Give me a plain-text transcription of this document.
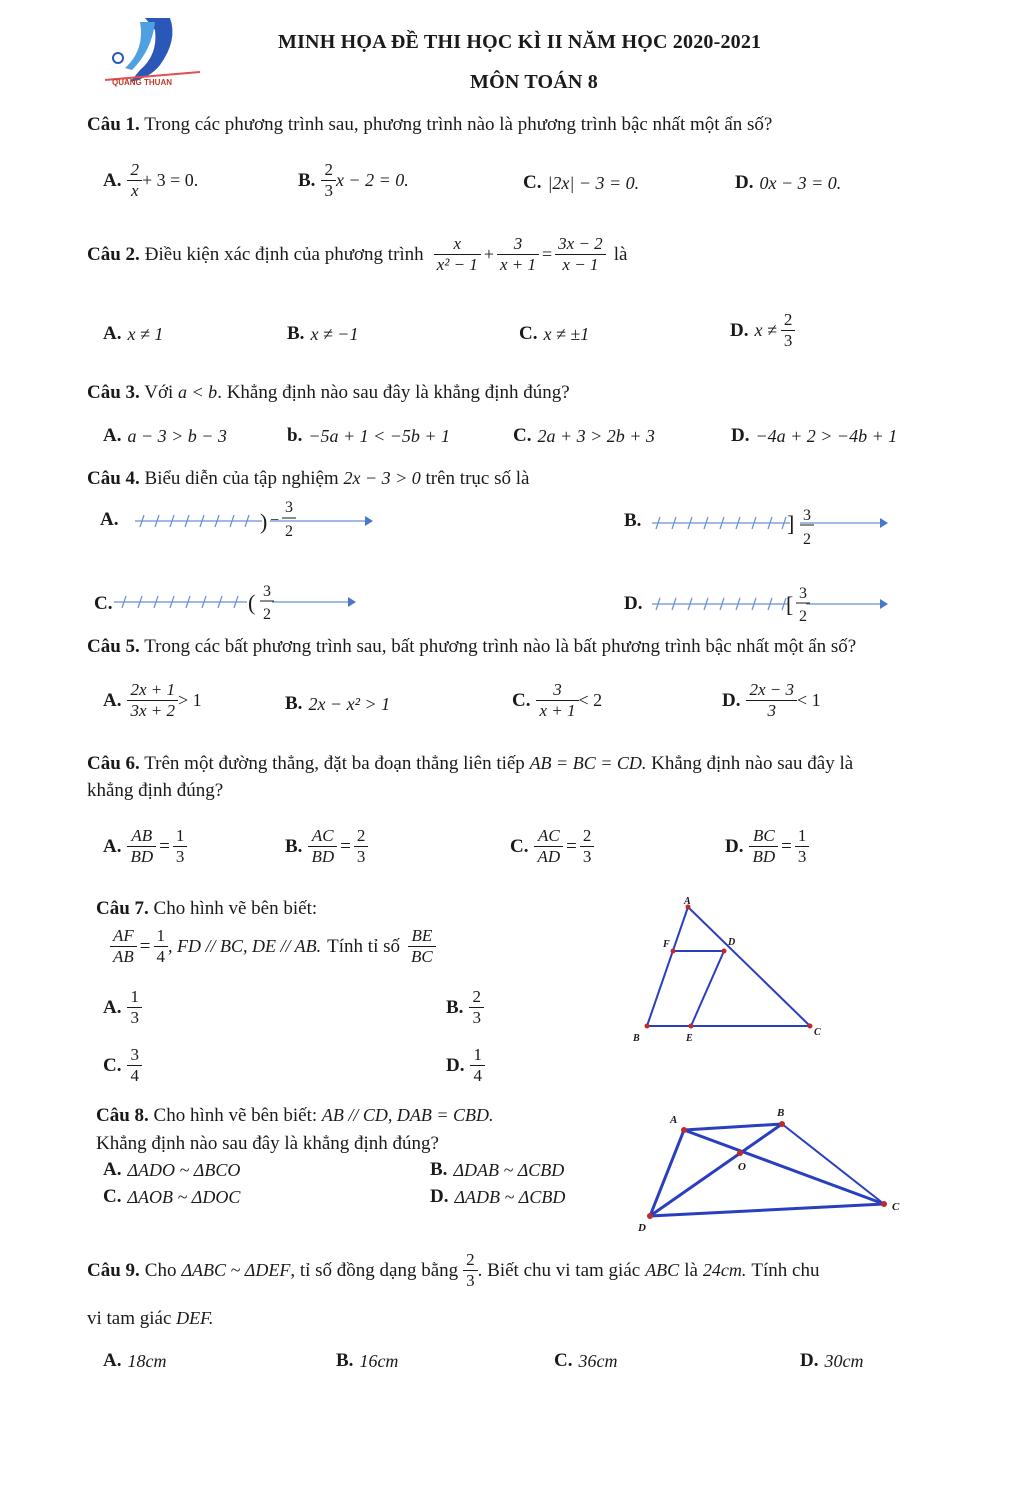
QUANG THUAN
MINH HỌA ĐỀ THI HỌC KÌ II NĂM HỌC 2020-2021
MÔN TOÁN 8
Câu 1. Trong các phương trình sau, phương trình nào là phương trình bậc nhất một ẩn số?
A. $\frac{2}{x} + 3 = 0$.	B. $\frac{2}{3}$ x − 2 = 0.	C. |2x| − 3 = 0.	D. 0x − 3 = 0.
Câu 2. Điều kiện xác định của phương trình $\frac{x}{\text{x² − 1}} + \frac{3}{x + 1} = \frac{3x - 2}{x - 1}$ là
A. x ≠ 1	B. x ≠ −1	C. x ≠ ±1	D. $x \ne \frac{2}{3}$
Câu 3. Với a < b. Khẳng định nào sau đây là khẳng định đúng?
A. a − 3 > b − 3	b. −5a + 1 < −5b + 1	C. 2a + 3 > 2b + 3	D. −4a + 2 > −4b + 1
Câu 4. Biểu diễn của tập nghiệm 2x − 3 > 0 trên trục số là
A.	) −
3
2
B.	] 3
2
C.	( 3
2
D.	[ 3
2
Câu 5. Trong các bất phương trình sau, bất phương trình nào là bất phương trình bậc nhất một ẩn số?
A. $\frac{2x + 1}{3x + 2} > 1$	B. 2x − x² > 1	C. $\frac{3}{x + 1} < 2$	D. $\frac{2x - 3}{3} < 1$
Câu 6. Trên một đường thẳng, đặt ba đoạn thẳng liên tiếp AB = BC = CD. Khẳng định nào sau đây là
khẳng định đúng?
A. $\frac{AB}{BD} = \frac{1}{3}$	B. $\frac{AC}{BD} = \frac{2}{3}$	C. $\frac{AC}{AD} = \frac{2}{3}$	D. $\frac{BC}{BD} = \frac{1}{3}$
Câu 7. Cho hình vẽ bên biết:
$\frac{AF}{AB} = \frac{1}{4}$ , FD // BC, DE // AB. Tính tỉ số $\frac{BE}{BC}$
A. $\frac{1}{3}$	B. $\frac{2}{3}$
C. $\frac{3}{4}$	D. $\frac{1}{4}$
A
F	D
B	E
C
Câu 8. Cho hình vẽ bên biết: AB // CD, DAB = CBD.
Khẳng định nào sau đây là khẳng định đúng?
A. ΔADO ~ ΔBCO	B. ΔDAB ~ ΔCBD
C. ΔAOB ~ ΔDOC	D. ΔADB ~ ΔCBD
A
B
O
C
D
Câu 9. Cho ΔABC ~ ΔDEF , tỉ số đồng dạng bằng $\frac{2}{3}$ . Biết chu vi tam giác ABC là 24cm. Tính chu
vi tam giác DEF.
A. 18cm	B. 16cm	C. 36cm	D. 30cm
